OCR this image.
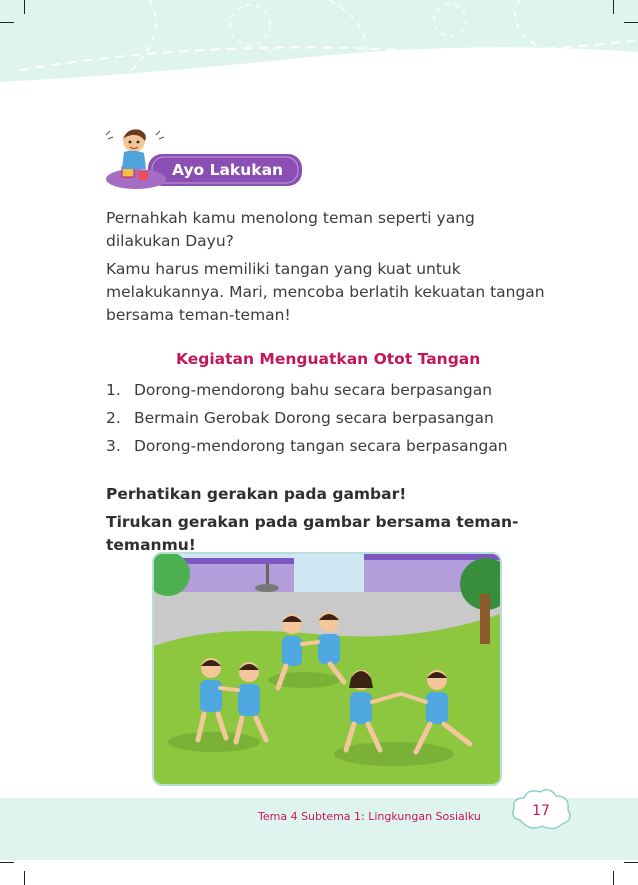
Ayo Lakukan
Pernahkah kamu menolong teman seperti yang dilakukan Dayu?
Kamu harus memiliki tangan yang kuat untuk melakukannya. Mari, mencoba berlatih kekuatan tangan bersama teman-teman!
Kegiatan Menguatkan Otot Tangan
1. Dorong-mendorong bahu secara berpasangan
2. Bermain Gerobak Dorong secara berpasangan
3. Dorong-mendorong tangan secara berpasangan
Perhatikan gerakan pada gambar!
Tirukan gerakan pada gambar bersama teman-temanmu!
Tema 4 Subtema 1: Lingkungan Sosialku	17
